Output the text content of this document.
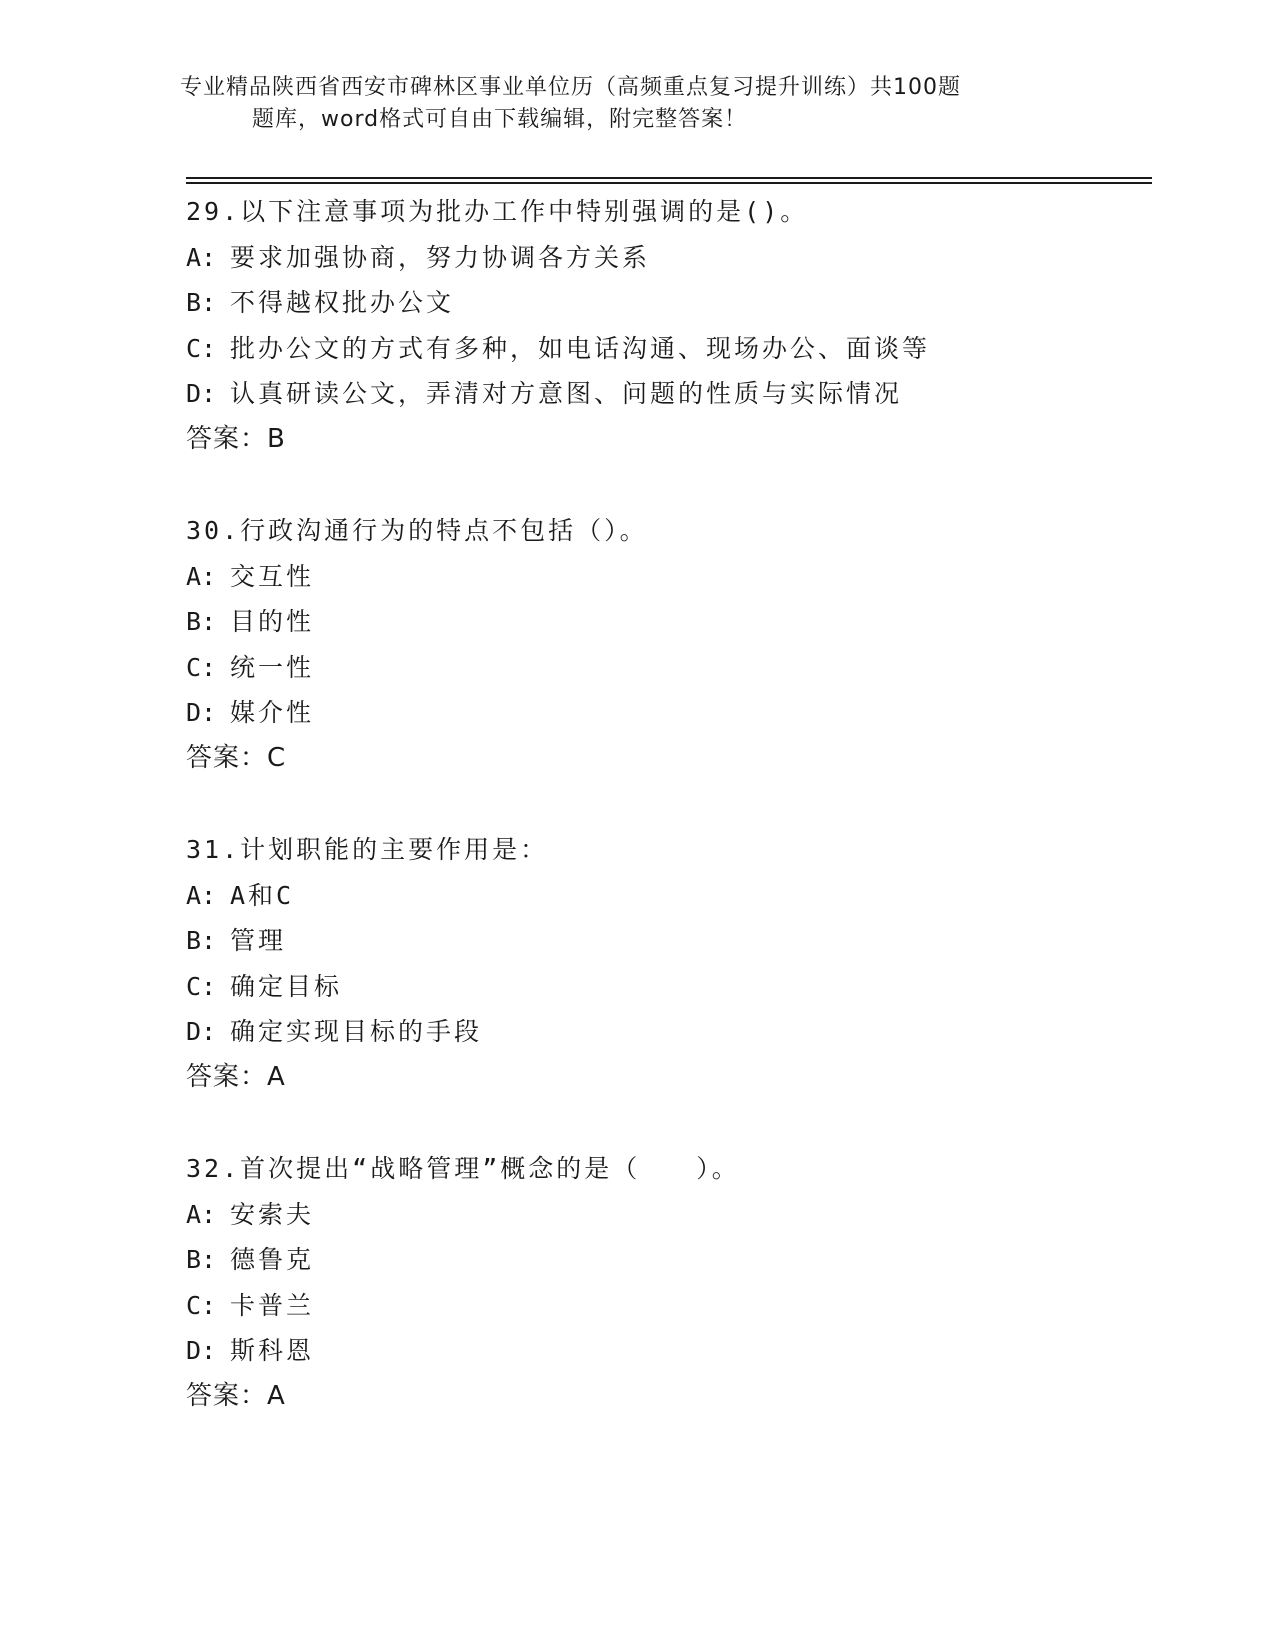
专业精品陕西省西安市碑林区事业单位历（高频重点复习提升训练）共100题
题库，word格式可自由下载编辑，附完整答案！
29.以下注意事项为批办工作中特别强调的是()。
A: 要求加强协商，努力协调各方关系
B: 不得越权批办公文
C: 批办公文的方式有多种，如电话沟通、现场办公、面谈等
D: 认真研读公文，弄清对方意图、问题的性质与实际情况
答案：B
30.行政沟通行为的特点不包括（）。
A: 交互性
B: 目的性
C: 统一性
D: 媒介性
答案：C
31.计划职能的主要作用是：
A: A和C
B: 管理
C: 确定目标
D: 确定实现目标的手段
答案：A
32.首次提出“战略管理”概念的是（　　）。
A: 安索夫
B: 德鲁克
C: 卡普兰
D: 斯科恩
答案：A
